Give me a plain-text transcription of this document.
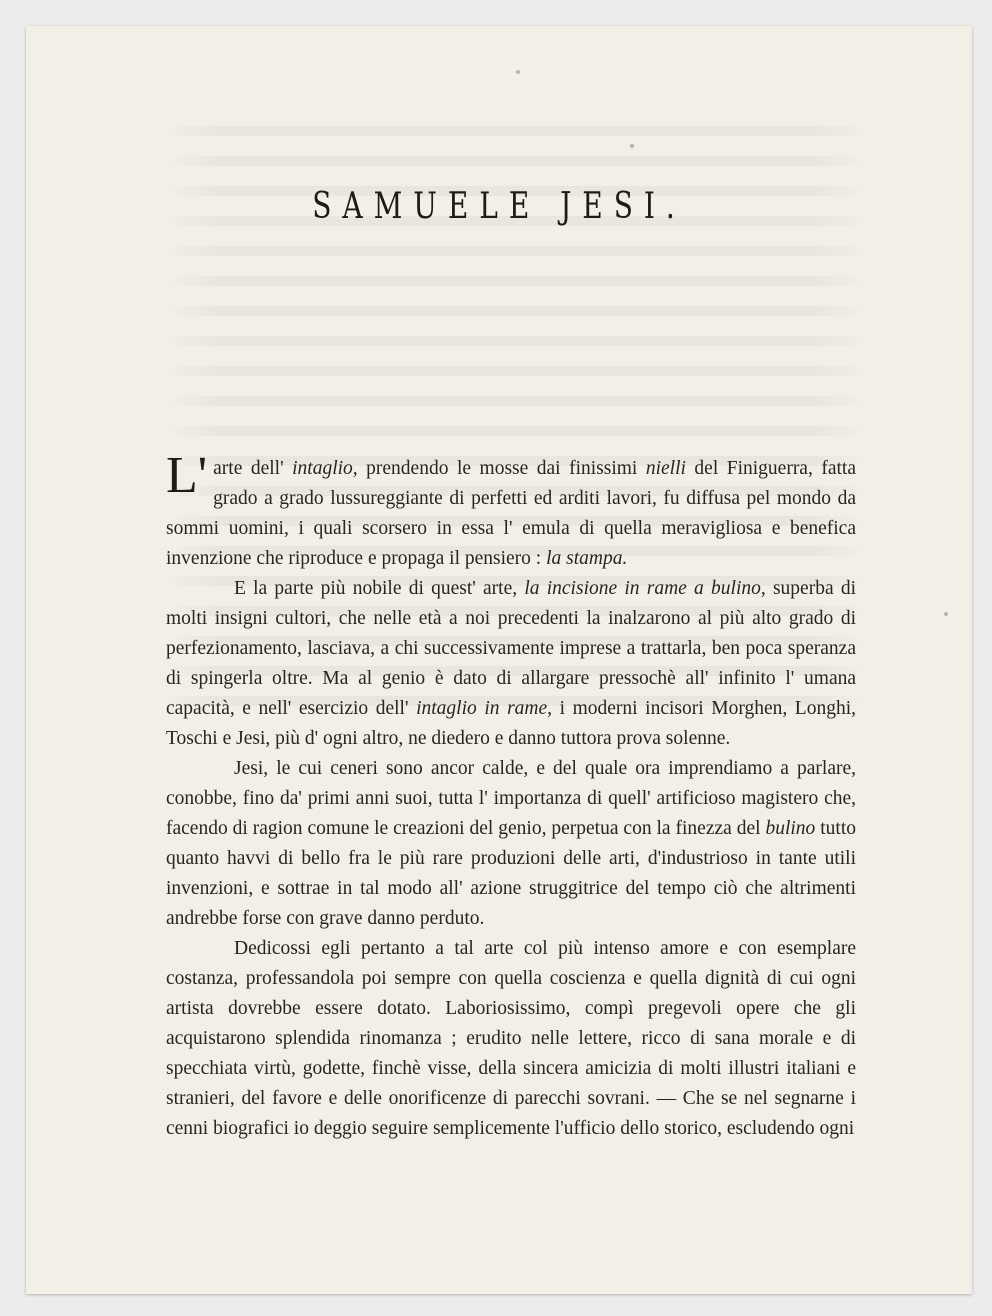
SAMUELE JESI.

L' arte dell' intaglio, prendendo le mosse dai finissimi nielli del Finiguerra, fatta grado a grado lussureggiante di perfetti ed arditi lavori, fu diffusa pel mondo da sommi uomini, i quali scorsero in essa l' emula di quella meravigliosa e benefica invenzione che riproduce e propaga il pensiero : la stampa.

E la parte più nobile di quest' arte, la incisione in rame a bulino, superba di molti insigni cultori, che nelle età a noi precedenti la inalzarono al più alto grado di perfezionamento, lasciava, a chi successivamente imprese a trattarla, ben poca speranza di spingerla oltre. Ma al genio è dato di allargare pressochè all' infinito l' umana capacità, e nell' esercizio dell' intaglio in rame, i moderni incisori Morghen, Longhi, Toschi e Jesi, più d' ogni altro, ne diedero e danno tuttora prova solenne.

Jesi, le cui ceneri sono ancor calde, e del quale ora imprendiamo a parlare, conobbe, fino da' primi anni suoi, tutta l' importanza di quell' artificioso magistero che, facendo di ragion comune le creazioni del genio, perpetua con la finezza del bulino tutto quanto havvi di bello fra le più rare produzioni delle arti, d'industrioso in tante utili invenzioni, e sottrae in tal modo all' azione struggitrice del tempo ciò che altrimenti andrebbe forse con grave danno perduto.

Dedicossi egli pertanto a tal arte col più intenso amore e con esemplare costanza, professandola poi sempre con quella coscienza e quella dignità di cui ogni artista dovrebbe essere dotato. Laboriosissimo, compì pregevoli opere che gli acquistarono splendida rinomanza ; erudito nelle lettere, ricco di sana morale e di specchiata virtù, godette, finchè visse, della sincera amicizia di molti illustri italiani e stranieri, del favore e delle onorificenze di parecchi sovrani. — Che se nel segnarne i cenni biografici io deggio seguire semplicemente l'ufficio dello storico, escludendo ogni
